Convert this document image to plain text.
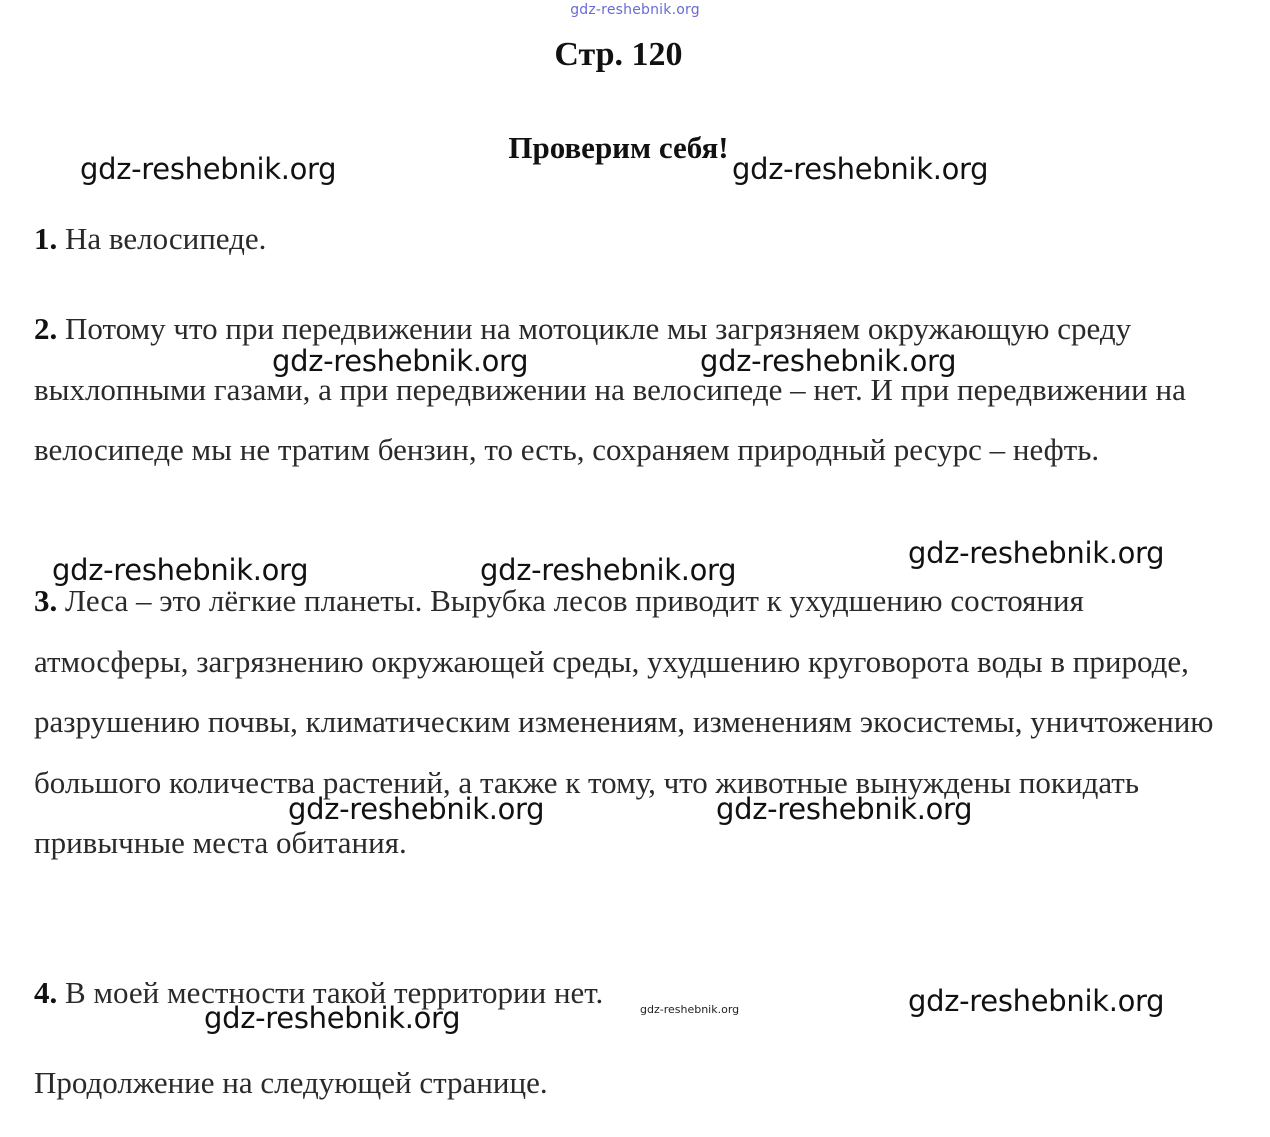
gdz-reshebnik.org
Стр. 120
Проверим себя!

1. На велосипеде.

2. Потому что при передвижении на мотоцикле мы загрязняем окружающую среду выхлопными газами, а при передвижении на велосипеде – нет. И при передвижении на велосипеде мы не тратим бензин, то есть, сохраняем природный ресурс – нефть.

3. Леса – это лёгкие планеты. Вырубка лесов приводит к ухудшению состояния атмосферы, загрязнению окружающей среды, ухудшению круговорота воды в природе, разрушению почвы, климатическим изменениям, изменениям экосистемы, уничтожению большого количества растений, а также к тому, что животные вынуждены покидать привычные места обитания.

4. В моей местности такой территории нет.

Продолжение на следующей странице.

gdz-reshebnik.org	gdz-reshebnik.org
gdz-reshebnik.org	gdz-reshebnik.org
gdz-reshebnik.org
gdz-reshebnik.org	gdz-reshebnik.org
gdz-reshebnik.org	gdz-reshebnik.org
gdz-reshebnik.org
gdz-reshebnik.org	gdz-reshebnik.org
